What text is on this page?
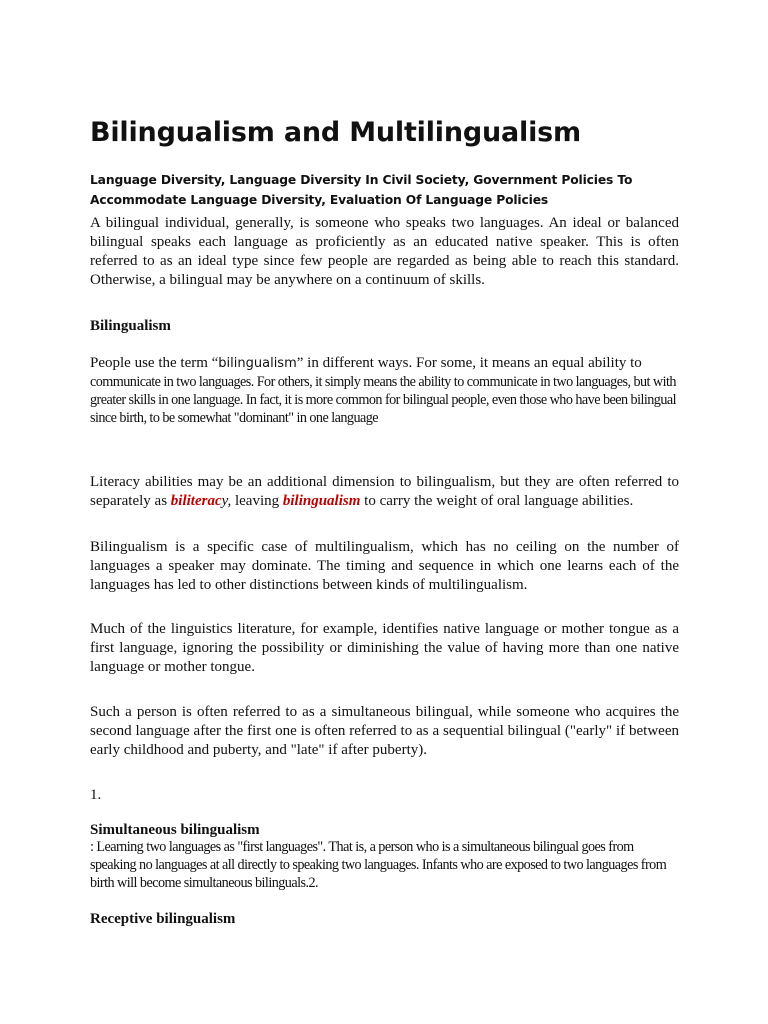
Bilingualism and Multilingualism

Language Diversity, Language Diversity In Civil Society, Government Policies To Accommodate Language Diversity, Evaluation Of Language Policies

A bilingual individual, generally, is someone who speaks two languages. An ideal or balanced bilingual speaks each language as proficiently as an educated native speaker. This is often referred to as an ideal type since few people are regarded as being able to reach this standard. Otherwise, a bilingual may be anywhere on a continuum of skills.

Bilingualism

People use the term “bilingualism” in different ways. For some, it means an equal ability to
communicate in two languages. For others, it simply means the ability to communicate in two languages, but with greater skills in one language. In fact, it is more common for bilingual people, even those who have been bilingual since birth, to be somewhat "dominant" in one language

Literacy abilities may be an additional dimension to bilingualism, but they are often referred to separately as biliteracy, leaving bilingualism to carry the weight of oral language abilities.

Bilingualism is a specific case of multilingualism, which has no ceiling on the number of languages a speaker may dominate. The timing and sequence in which one learns each of the languages has led to other distinctions between kinds of multilingualism.

Much of the linguistics literature, for example, identifies native language or mother tongue as a first language, ignoring the possibility or diminishing the value of having more than one native language or mother tongue.

Such a person is often referred to as a simultaneous bilingual, while someone who acquires the second language after the first one is often referred to as a sequential bilingual ("early" if between early childhood and puberty, and "late" if after puberty).

1.

Simultaneous bilingualism

: Learning two languages as "first languages". That is, a person who is a simultaneous bilingual goes from speaking no languages at all directly to speaking two languages. Infants who are exposed to two languages from birth will become simultaneous bilinguals.2.

Receptive bilingualism
